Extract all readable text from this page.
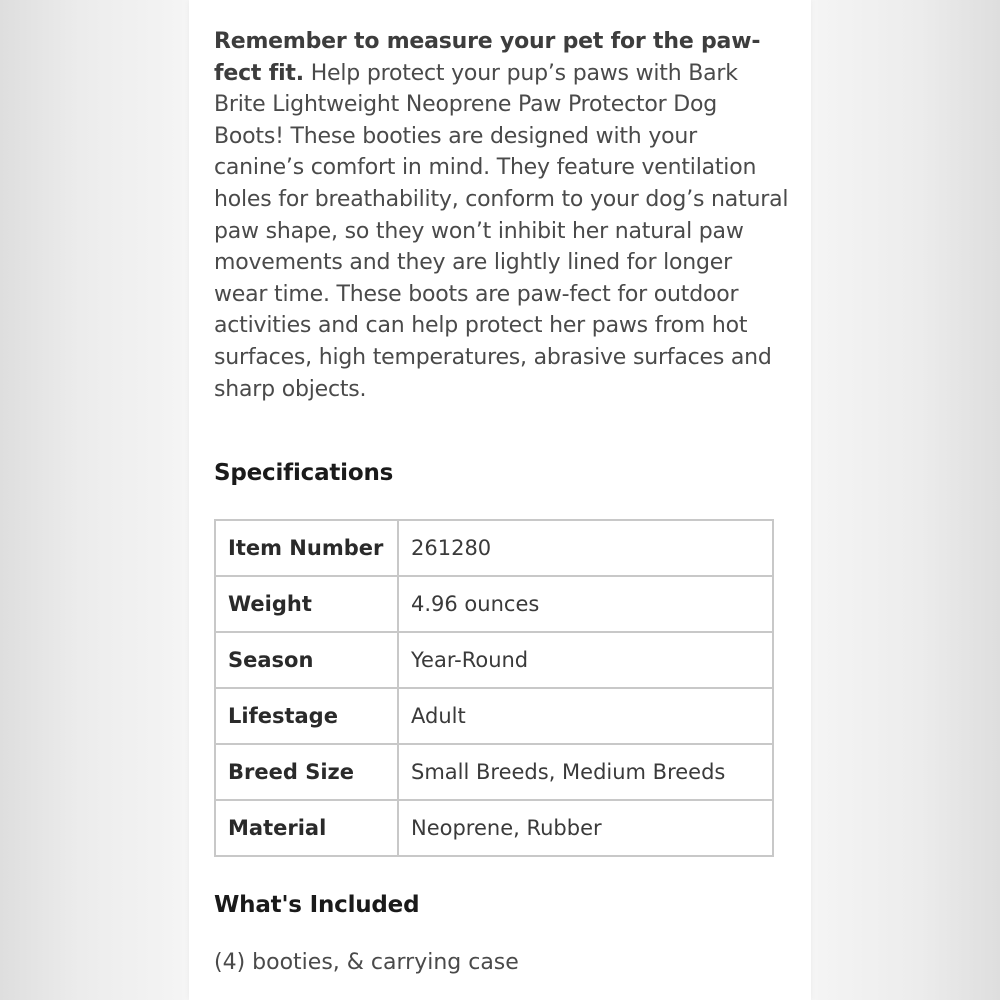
Remember to measure your pet for the paw-fect fit. Help protect your pup’s paws with Bark Brite Lightweight Neoprene Paw Protector Dog Boots! These booties are designed with your canine’s comfort in mind. They feature ventilation holes for breathability, conform to your dog’s natural paw shape, so they won’t inhibit her natural paw movements and they are lightly lined for longer wear time. These boots are paw-fect for outdoor activities and can help protect her paws from hot surfaces, high temperatures, abrasive surfaces and sharp objects.

Specifications
Item Number	261280
Weight	4.96 ounces
Season	Year-Round
Lifestage	Adult
Breed Size	Small Breeds, Medium Breeds
Material	Neoprene, Rubber
What's Included

(4) booties, & carrying case
